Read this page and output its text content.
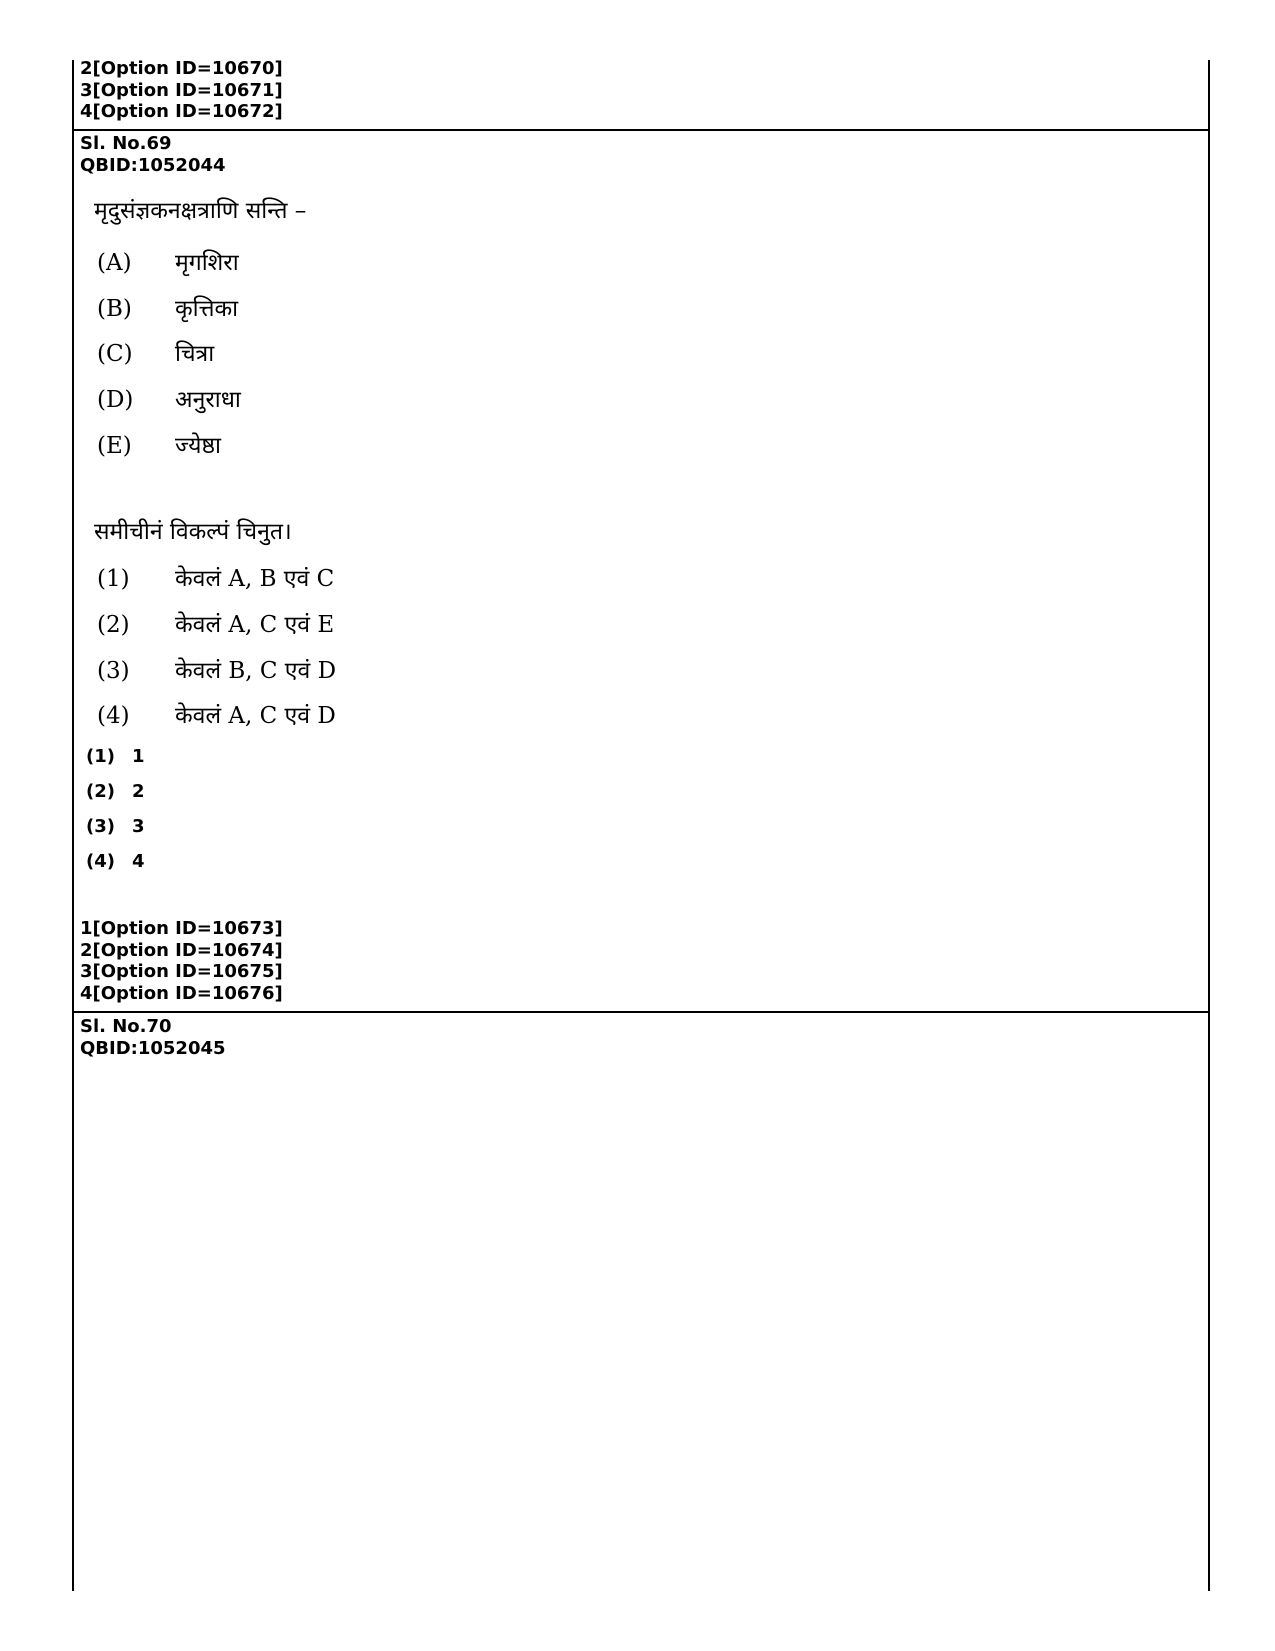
2[Option ID=10670]

3[Option ID=10671]

4[Option ID=10672]

Sl. No.69

QBID:1052044

मृदुसंज्ञकनक्षत्राणि सन्ति –
(A) मृगशिरा
(B) कृत्तिका
(C) चित्रा
(D) अनुराधा
(E) ज्येष्ठा
समीचीनं विकल्पं चिनुत।
(1) केवलं A, B एवं C
(2) केवलं A, C एवं E
(3) केवलं B, C एवं D
(4) केवलं A, C एवं D
(1) 1
(2) 2
(3) 3
(4) 4

1[Option ID=10673]

2[Option ID=10674]

3[Option ID=10675]

4[Option ID=10676]

Sl. No.70

QBID:1052045
